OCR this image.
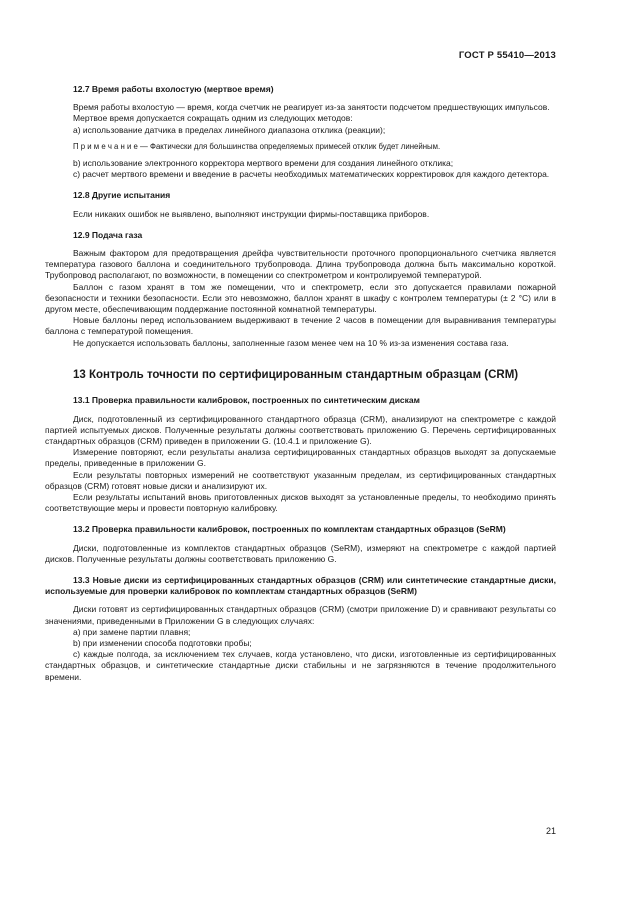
ГОСТ Р 55410—2013

12.7 Время работы вхолостую (мертвое время)

Время работы вхолостую — время, когда счетчик не реагирует из-за занятости подсчетом предшествующих импульсов.

Мертвое время допускается сокращать одним из следующих методов:

а) использование датчика в пределах линейного диапазона отклика (реакции);

П р и м е ч а н и е — Фактически для большинства определяемых примесей отклик будет линейным.

b) использование электронного корректора мертвого времени для создания линейного отклика;

с) расчет мертвого времени и введение в расчеты необходимых математических корректировок для каждого детектора.

12.8 Другие испытания

Если никаких ошибок не выявлено, выполняют инструкции фирмы-поставщика приборов.

12.9 Подача газа

Важным фактором для предотвращения дрейфа чувствительности проточного пропорционального счетчика является температура газового баллона и соединительного трубопровода. Длина трубопровода должна быть максимально короткой. Трубопровод располагают, по возможности, в помещении со спектрометром и контролируемой температурой.

Баллон с газом хранят в том же помещении, что и спектрометр, если это допускается правилами пожарной безопасности и техники безопасности. Если это невозможно, баллон хранят в шкафу с контролем температуры (± 2 °С) или в другом месте, обеспечивающим поддержание постоянной комнатной температуры.

Новые баллоны перед использованием выдерживают в течение 2 часов в помещении для выравнивания температуры баллона с температурой помещения.

Не допускается использовать баллоны, заполненные газом менее чем на 10 % из-за изменения состава газа.

13 Контроль точности по сертифицированным стандартным образцам (CRM)

13.1 Проверка правильности калибровок, построенных по синтетическим дискам

Диск, подготовленный из сертифицированного стандартного образца (CRM), анализируют на спектрометре с каждой партией испытуемых дисков. Полученные результаты должны соответствовать приложению G. Перечень сертифицированных стандартных образцов (CRM) приведен в приложении G. (10.4.1 и приложение G).

Измерение повторяют, если результаты анализа сертифицированных стандартных образцов выходят за допускаемые пределы, приведенные в приложении G.

Если результаты повторных измерений не соответствуют указанным пределам, из сертифицированных стандартных образцов (CRM) готовят новые диски и анализируют их.

Если результаты испытаний вновь приготовленных дисков выходят за установленные пределы, то необходимо принять соответствующие меры и провести повторную калибровку.

13.2 Проверка правильности калибровок, построенных по комплектам стандартных образцов (SeRM)

Диски, подготовленные из комплектов стандартных образцов (SeRM), измеряют на спектрометре с каждой партией дисков. Полученные результаты должны соответствовать приложению G.

13.3 Новые диски из сертифицированных стандартных образцов (CRM) или синтетические стандартные диски, используемые для проверки калибровок по комплектам стандартных образцов (SeRM)

Диски готовят из сертифицированных стандартных образцов (CRM) (смотри приложение D) и сравнивают результаты со значениями, приведенными в Приложении G в следующих случаях:

а) при замене партии плавня;

b) при изменении способа подготовки пробы;

с) каждые полгода, за исключением тех случаев, когда установлено, что диски, изготовленные из сертифицированных стандартных образцов, и синтетические стандартные диски стабильны и не загрязняются в течение продолжительного времени.

21
